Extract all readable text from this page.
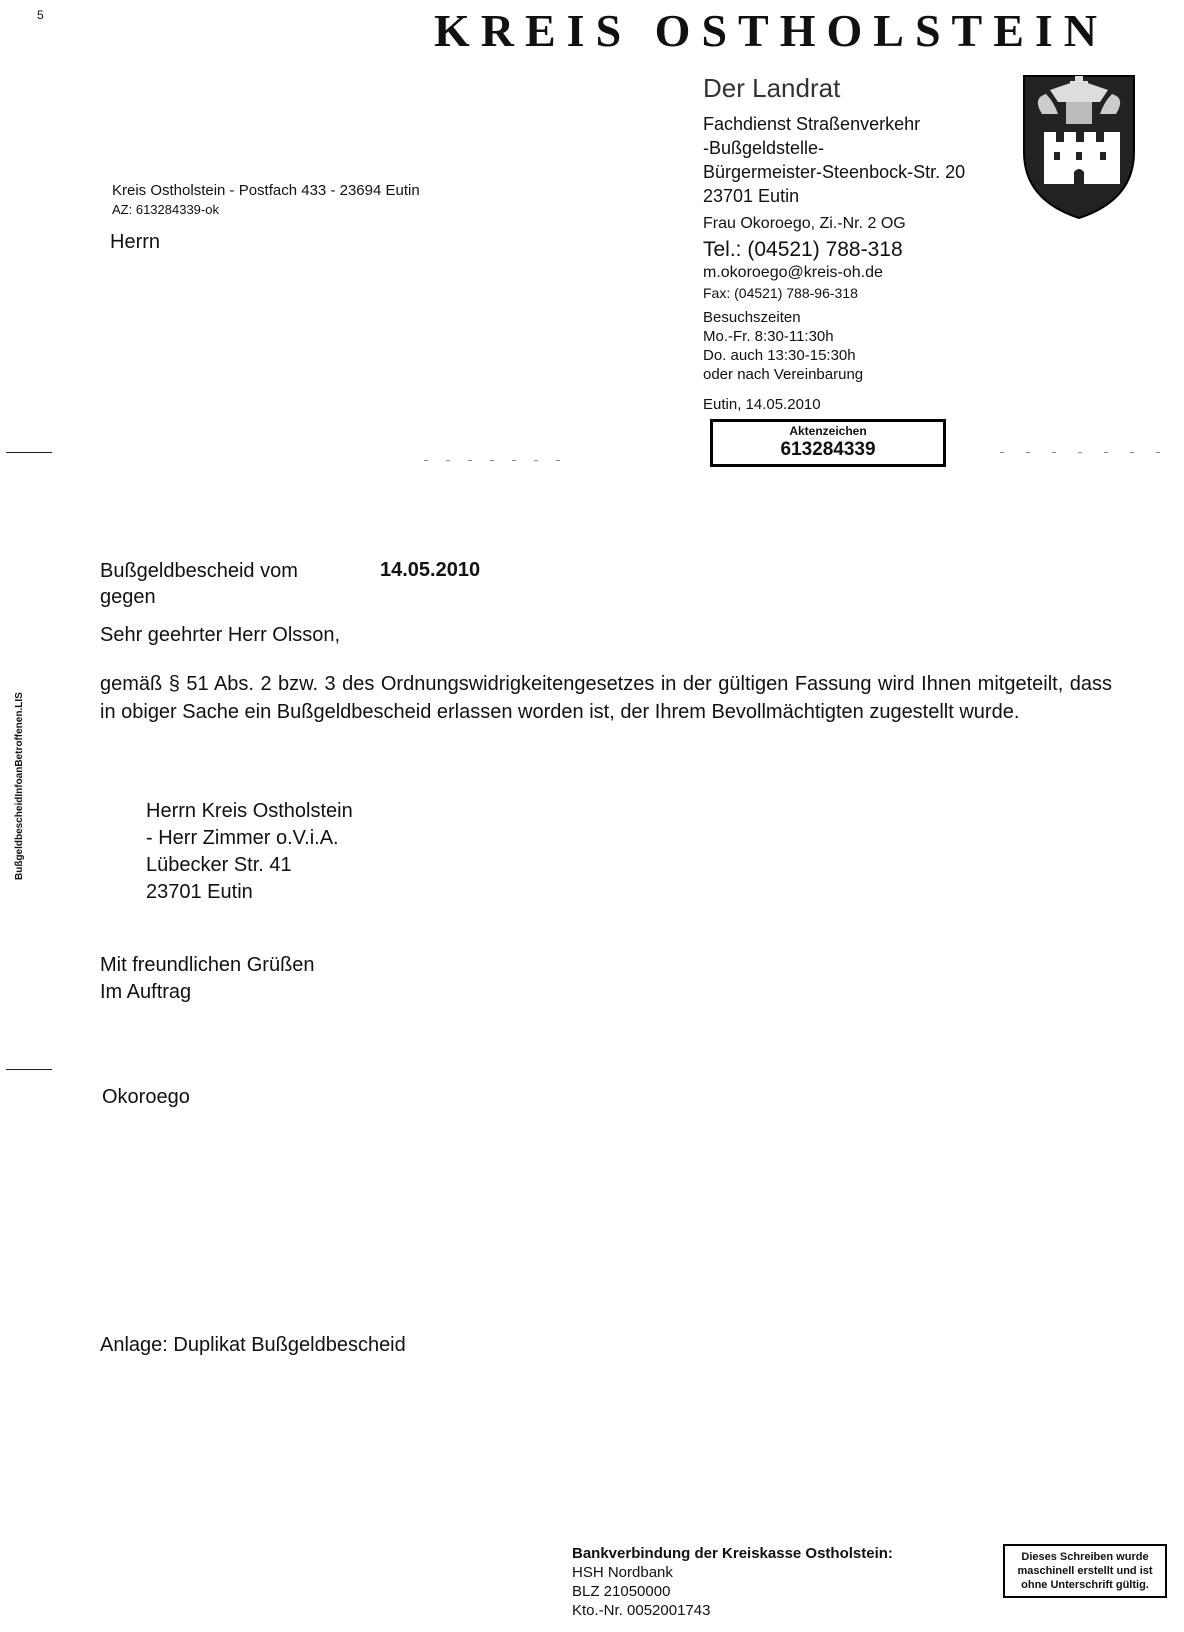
5	KREIS OSTHOLSTEIN
Der Landrat
Fachdienst Straßenverkehr
-Bußgeldstelle-
Bürgermeister-Steenbock-Str. 20
23701 Eutin
Frau Okoroego, Zi.-Nr. 2 OG
Tel.: (04521) 788-318
m.okoroego@kreis-oh.de
Fax: (04521) 788-96-318
Besuchszeiten
Mo.-Fr. 8:30-11:30h
Do. auch 13:30-15:30h
oder nach Vereinbarung
Eutin, 14.05.2010
Aktenzeichen
613284339
Kreis Ostholstein - Postfach 433 - 23694 Eutin
AZ: 613284339-ok
Herrn
BußgeldbescheidInfoanBetroffenen.LIS
Bußgeldbescheid vom	14.05.2010
gegen
Sehr geehrter Herr Olsson,
gemäß § 51 Abs. 2 bzw. 3 des Ordnungswidrigkeitengesetzes in der gültigen Fassung wird Ihnen mitgeteilt, dass in obiger Sache ein Bußgeldbescheid erlassen worden ist, der Ihrem Bevollmächtigten zugestellt wurde.
Herrn Kreis Ostholstein
- Herr Zimmer o.V.i.A.
Lübecker Str. 41
23701 Eutin
Mit freundlichen Grüßen
Im Auftrag
Okoroego
Anlage: Duplikat Bußgeldbescheid
Bankverbindung der Kreiskasse Ostholstein:
HSH Nordbank
BLZ 21050000
Kto.-Nr. 0052001743
Dieses Schreiben wurde
maschinell erstellt und ist
ohne Unterschrift gültig.
